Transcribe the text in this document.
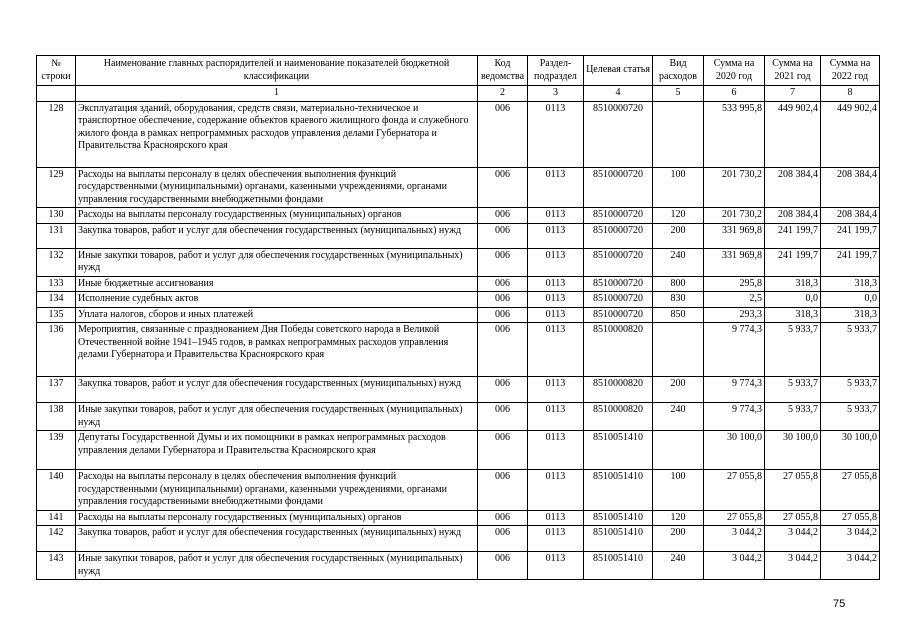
№ строки	Наименование главных распорядителей и наименование показателей бюджетной классификации	Код ведомства	Раздел-подраздел	Целевая статья	Вид расходов	Сумма на 2020 год	Сумма на 2021 год	Сумма на 2022 год
	1	2	3	4	5	6	7	8
128	Эксплуатация зданий, оборудования, средств связи, материально-техническое и транспортное обеспечение, содержание объектов краевого жилищного фонда и служебного жилого фонда в рамках непрограммных расходов управления делами Губернатора и Правительства Красноярского края	006	0113	8510000720		533 995,8	449 902,4	449 902,4
129	Расходы на выплаты персоналу в целях обеспечения выполнения функций государственными (муниципальными) органами, казенными учреждениями, органами управления государственными внебюджетными фондами	006	0113	8510000720	100	201 730,2	208 384,4	208 384,4
130	Расходы на выплаты персоналу государственных (муниципальных) органов	006	0113	8510000720	120	201 730,2	208 384,4	208 384,4
131	Закупка товаров, работ и услуг для обеспечения государственных (муниципальных) нужд	006	0113	8510000720	200	331 969,8	241 199,7	241 199,7
132	Иные закупки товаров, работ и услуг для обеспечения государственных (муниципальных) нужд	006	0113	8510000720	240	331 969,8	241 199,7	241 199,7
133	Иные бюджетные ассигнования	006	0113	8510000720	800	295,8	318,3	318,3
134	Исполнение судебных актов	006	0113	8510000720	830	2,5	0,0	0,0
135	Уплата налогов, сборов и иных платежей	006	0113	8510000720	850	293,3	318,3	318,3
136	Мероприятия, связанные с празднованием Дня Победы советского народа в Великой Отечественной войне 1941–1945 годов, в рамках непрограммных расходов управления делами Губернатора и Правительства Красноярского края	006	0113	8510000820		9 774,3	5 933,7	5 933,7
137	Закупка товаров, работ и услуг для обеспечения государственных (муниципальных) нужд	006	0113	8510000820	200	9 774,3	5 933,7	5 933,7
138	Иные закупки товаров, работ и услуг для обеспечения государственных (муниципальных) нужд	006	0113	8510000820	240	9 774,3	5 933,7	5 933,7
139	Депутаты Государственной Думы и их помощники в рамках непрограммных расходов управления делами Губернатора и Правительства Красноярского края	006	0113	8510051410		30 100,0	30 100,0	30 100,0
140	Расходы на выплаты персоналу в целях обеспечения выполнения функций государственными (муниципальными) органами, казенными учреждениями, органами управления государственными внебюджетными фондами	006	0113	8510051410	100	27 055,8	27 055,8	27 055,8
141	Расходы на выплаты персоналу государственных (муниципальных) органов	006	0113	8510051410	120	27 055,8	27 055,8	27 055,8
142	Закупка товаров, работ и услуг для обеспечения государственных (муниципальных) нужд	006	0113	8510051410	200	3 044,2	3 044,2	3 044,2
143	Иные закупки товаров, работ и услуг для обеспечения государственных (муниципальных) нужд	006	0113	8510051410	240	3 044,2	3 044,2	3 044,2
75
